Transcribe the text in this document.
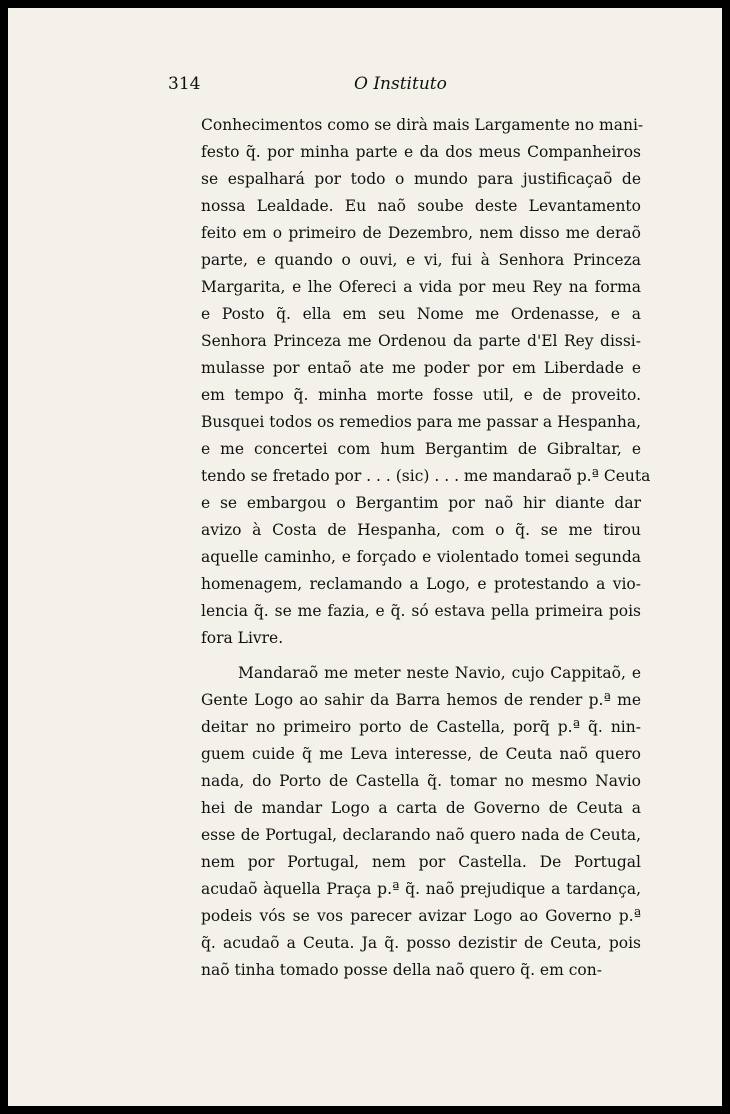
314	O Instituto
Conhecimentos como se dirà mais Largamente no mani-
festo q̃. por minha parte e da dos meus Companheiros
se espalhará por todo o mundo para justificaçaõ de
nossa Lealdade. Eu naõ soube deste Levantamento
feito em o primeiro de Dezembro, nem disso me deraõ
parte, e quando o ouvi, e vi, fui à Senhora Princeza
Margarita, e lhe Ofereci a vida por meu Rey na forma
e Posto q̃. ella em seu Nome me Ordenasse, e a
Senhora Princeza me Ordenou da parte d'El Rey dissi-
mulasse por entaõ ate me poder por em Liberdade e
em tempo q̃. minha morte fosse util, e de proveito.
Busquei todos os remedios para me passar a Hespanha,
e me concertei com hum Bergantim de Gibraltar, e
tendo se fretado por . . . (sic) . . . me mandaraõ p.ª Ceuta
e se embargou o Bergantim por naõ hir diante dar
avizo à Costa de Hespanha, com o q̃. se me tirou
aquelle caminho, e forçado e violentado tomei segunda
homenagem, reclamando a Logo, e protestando a vio-
lencia q̃. se me fazia, e q̃. só estava pella primeira pois
fora Livre.
Mandaraõ me meter neste Navio, cujo Cappitaõ, e
Gente Logo ao sahir da Barra hemos de render p.ª me
deitar no primeiro porto de Castella, porq̃ p.ª q̃. nin-
guem cuide q̃ me Leva interesse, de Ceuta naõ quero
nada, do Porto de Castella q̃. tomar no mesmo Navio
hei de mandar Logo a carta de Governo de Ceuta a
esse de Portugal, declarando naõ quero nada de Ceuta,
nem por Portugal, nem por Castella. De Portugal
acudaõ àquella Praça p.ª q̃. naõ prejudique a tardança,
podeis vós se vos parecer avizar Logo ao Governo p.ª
q̃. acudaõ a Ceuta. Ja q̃. posso dezistir de Ceuta, pois
naõ tinha tomado posse della naõ quero q̃. em con-
